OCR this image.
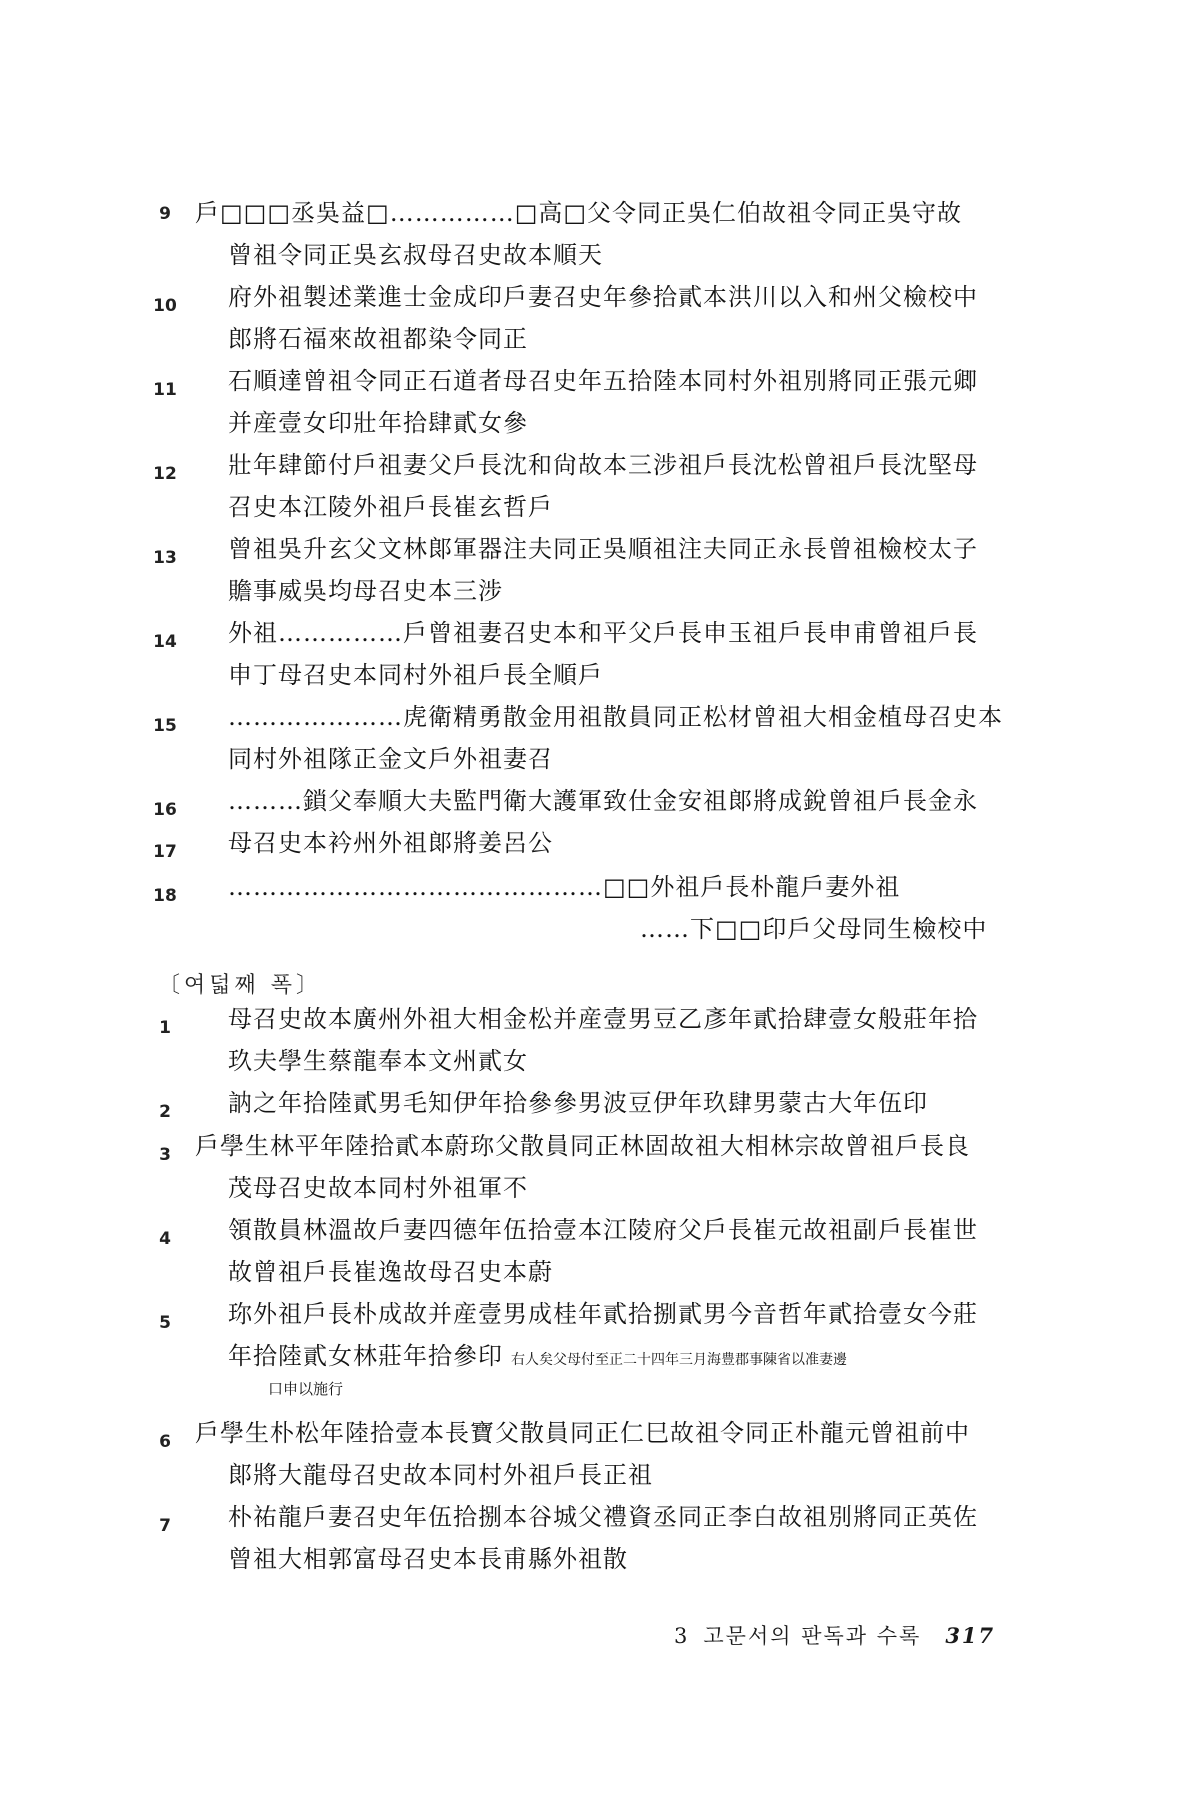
9	戶□□□丞吳益□……………□高□父令同正吳仁伯故祖令同正吳守故
曾祖令同正吳玄叔母召史故本順天
10 府外祖製述業進士金成印戶妻召史年參拾貳本洪川以入和州父檢校中
郎將石福來故祖都染令同正
11 石順達曾祖令同正石道者母召史年五拾陸本同村外祖別將同正張元卿
并産壹女印壯年拾肆貳女參
12 壯年肆節付戶祖妻父戶長沈和尙故本三涉祖戶長沈松曾祖戶長沈堅母
召史本江陵外祖戶長崔玄哲戶
13 曾祖吳升玄父文林郞軍器注夫同正吳順祖注夫同正永長曾祖檢校太子
贍事威吳均母召史本三涉
14 外祖……………戶曾祖妻召史本和平父戶長申玉祖戶長申甫曾祖戶長
申丁母召史本同村外祖戶長全順戶
15 …………………虎衛精勇散金用祖散員同正松材曾祖大相金植母召史本
同村外祖隊正金文戶外祖妻召
16 ………鎖父奉順大夫監門衛大護軍致仕金安祖郞將成銳曾祖戶長金永
17 母召史本衿州外祖郞將姜呂公
18 ………………………………………□□外祖戶長朴龍戶妻外祖
……下□□印戶父母同生檢校中
〔여덟째 폭〕
1	母召史故本廣州外祖大相金松并産壹男豆乙彥年貳拾肆壹女般莊年拾
玖夫學生蔡龍奉本文州貳女
2	訥之年拾陸貳男毛知伊年拾參參男波豆伊年玖肆男蒙古大年伍印
3	戶學生林平年陸拾貳本蔚珎父散員同正林固故祖大相林宗故曾祖戶長良
茂母召史故本同村外祖軍不
4	領散員林溫故戶妻四德年伍拾壹本江陵府父戶長崔元故祖副戶長崔世
故曾祖戶長崔逸故母召史本蔚
5	珎外祖戶長朴成故并産壹男成桂年貳拾捌貳男今音哲年貳拾壹女今莊
年拾陸貳女林莊年拾參印 右人矣父母付至正二十四年三月海豊郡事陳省以准妻邊
口申以施行
6	戶學生朴松年陸拾壹本長寶父散員同正仁巳故祖令同正朴龍元曾祖前中
郞將大龍母召史故本同村外祖戶長正祖
7	朴祐龍戶妻召史年伍拾捌本谷城父禮資丞同正李白故祖別將同正英佐
曾祖大相郭富母召史本長甫縣外祖散
3 고문서의 판독과 수록 317
